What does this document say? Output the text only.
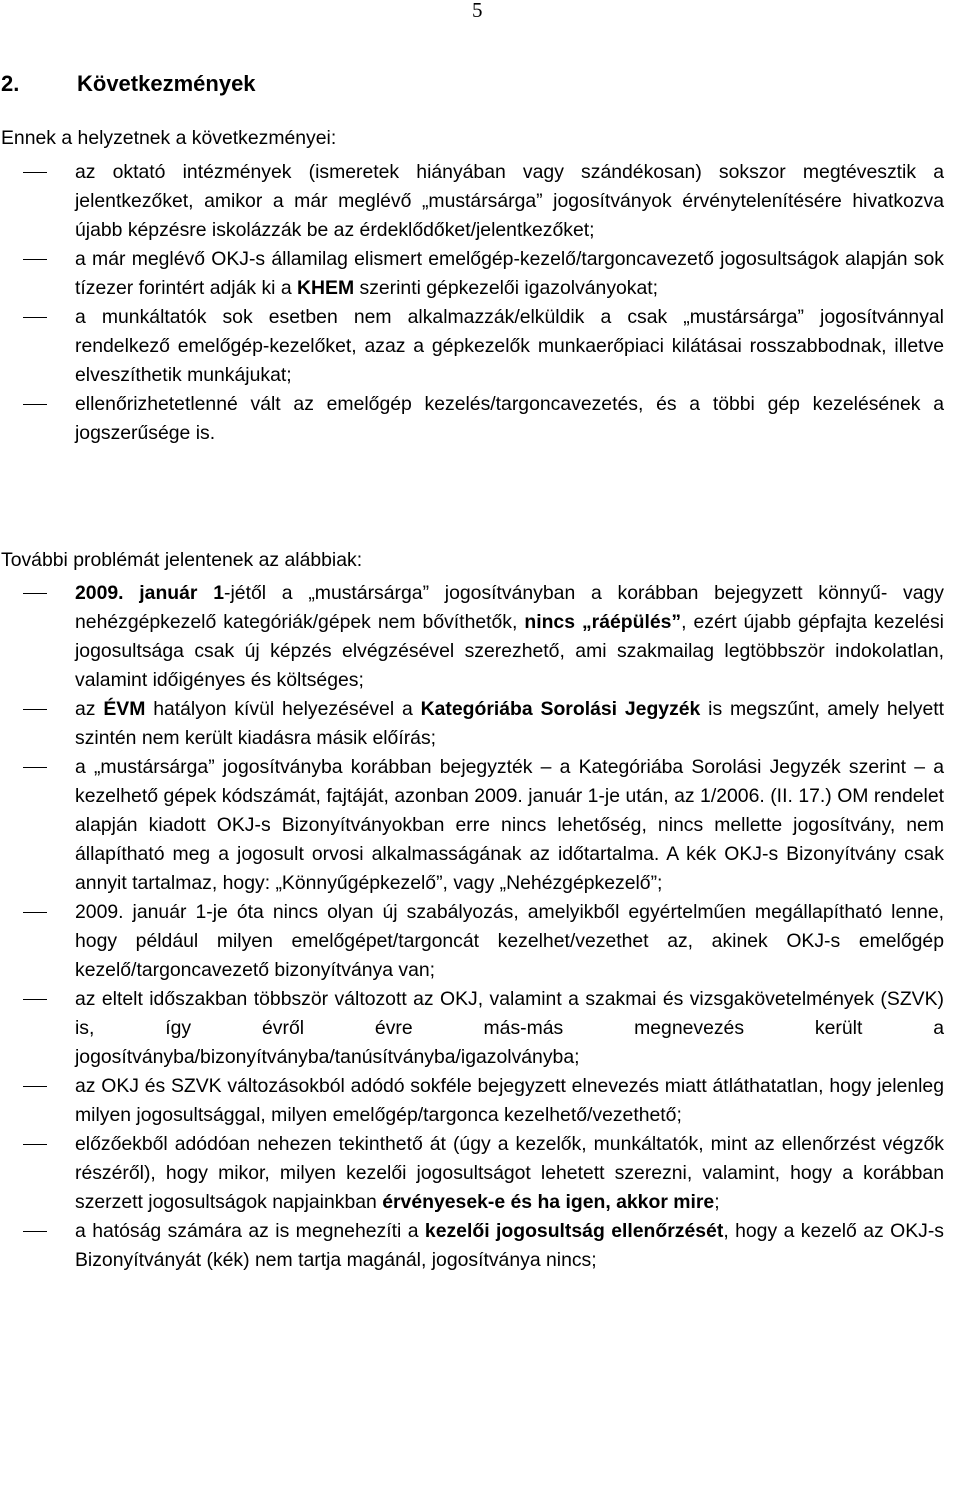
5
2.	Következmények

Ennek a helyzetnek a következményei:

az oktató intézmények (ismeretek hiányában vagy szándékosan) sokszor megtévesztik a jelentkezőket, amikor a már meglévő „mustársárga” jogosítványok érvénytelenítésére hivatkozva újabb képzésre iskolázzák be az érdeklődőket/jelentkezőket;
a már meglévő OKJ-s államilag elismert emelőgép-kezelő/targoncavezető jogosultságok alapján sok tízezer forintért adják ki a KHEM szerinti gépkezelői igazolványokat;
a munkáltatók sok esetben nem alkalmazzák/elküldik a csak „mustársárga” jogosítvánnyal rendelkező emelőgép-kezelőket, azaz a gépkezelők munkaerőpiaci kilátásai rosszabbodnak, illetve elveszíthetik munkájukat;
ellenőrizhetetlenné vált az emelőgép kezelés/targoncavezetés, és a többi gép kezelésének a jogszerűsége is.

További problémát jelentenek az alábbiak:

2009. január 1-jétől a „mustársárga” jogosítványban a korábban bejegyzett könnyű- vagy nehézgépkezelő kategóriák/gépek nem bővíthetők, nincs „ráépülés”, ezért újabb gépfajta kezelési jogosultsága csak új képzés elvégzésével szerezhető, ami szakmailag legtöbbször indokolatlan, valamint időigényes és költséges;
az ÉVM hatályon kívül helyezésével a Kategóriába Sorolási Jegyzék is megszűnt, amely helyett szintén nem került kiadásra másik előírás;
a „mustársárga” jogosítványba korábban bejegyzték – a Kategóriába Sorolási Jegyzék szerint – a kezelhető gépek kódszámát, fajtáját, azonban 2009. január 1-je után, az 1/2006. (II. 17.) OM rendelet alapján kiadott OKJ-s Bizonyítványokban erre nincs lehetőség, nincs mellette jogosítvány, nem állapítható meg a jogosult orvosi alkalmasságának az időtartalma. A kék OKJ-s Bizonyítvány csak annyit tartalmaz, hogy: „Könnyűgépkezelő”, vagy „Nehézgépkezelő”;
2009. január 1-je óta nincs olyan új szabályozás, amelyikből egyértelműen megállapítható lenne, hogy például milyen emelőgépet/targoncát kezelhet/vezethet az, akinek OKJ-s emelőgép kezelő/targoncavezető bizonyítványa van;
az eltelt időszakban többször változott az OKJ, valamint a szakmai és vizsgakövetelmények (SZVK) is, így évről évre más-más megnevezés került a jogosítványba/bizonyítványba/tanúsítványba/igazolványba;
az OKJ és SZVK változásokból adódó sokféle bejegyzett elnevezés miatt átláthatatlan, hogy jelenleg milyen jogosultsággal, milyen emelőgép/targonca kezelhető/vezethető;
előzőekből adódóan nehezen tekinthető át (úgy a kezelők, munkáltatók, mint az ellenőrzést végzők részéről), hogy mikor, milyen kezelői jogosultságot lehetett szerezni, valamint, hogy a korábban szerzett jogosultságok napjainkban érvényesek-e és ha igen, akkor mire;
a hatóság számára az is megnehezíti a kezelői jogosultság ellenőrzését, hogy a kezelő az OKJ-s Bizonyítványát (kék) nem tartja magánál, jogosítványa nincs;
